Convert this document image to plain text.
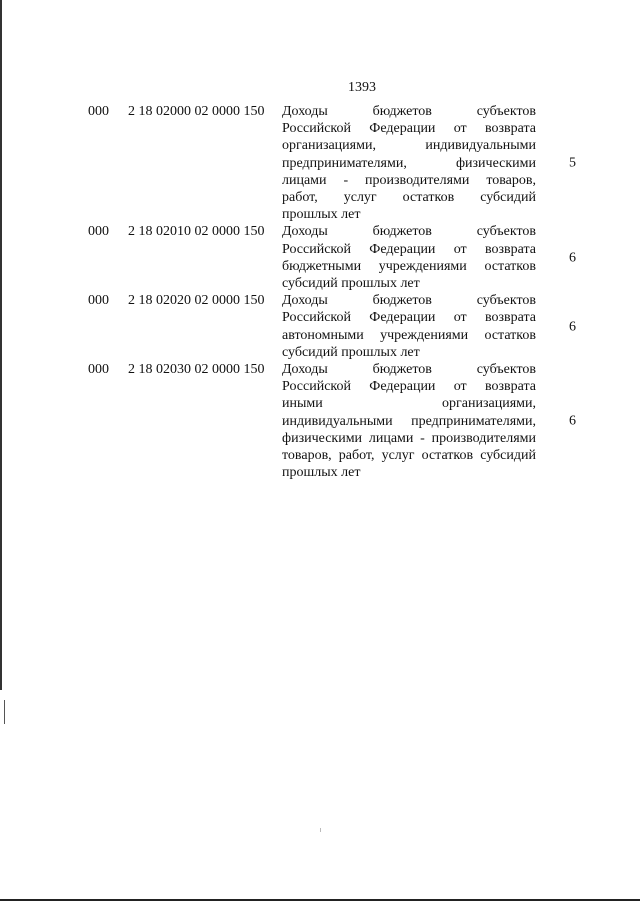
1393
000 2 18 02000 02 0000 150 Доходы бюджетов субъектов
Российской Федерации от возврата
организациями, индивидуальными
предпринимателями, физическими
лицами - производителями товаров,
работ, услуг остатков субсидий
прошлых лет
5
000 2 18 02010 02 0000 150 Доходы бюджетов субъектов
Российской Федерации от возврата
бюджетными учреждениями остатков
субсидий прошлых лет
6
000 2 18 02020 02 0000 150 Доходы бюджетов субъектов
Российской Федерации от возврата
автономными учреждениями остатков
субсидий прошлых лет
6
000 2 18 02030 02 0000 150 Доходы бюджетов субъектов
Российской Федерации от возврата
иными организациями,
индивидуальными предпринимателями,
физическими лицами - производителями
товаров, работ, услуг остатков субсидий
прошлых лет
6
